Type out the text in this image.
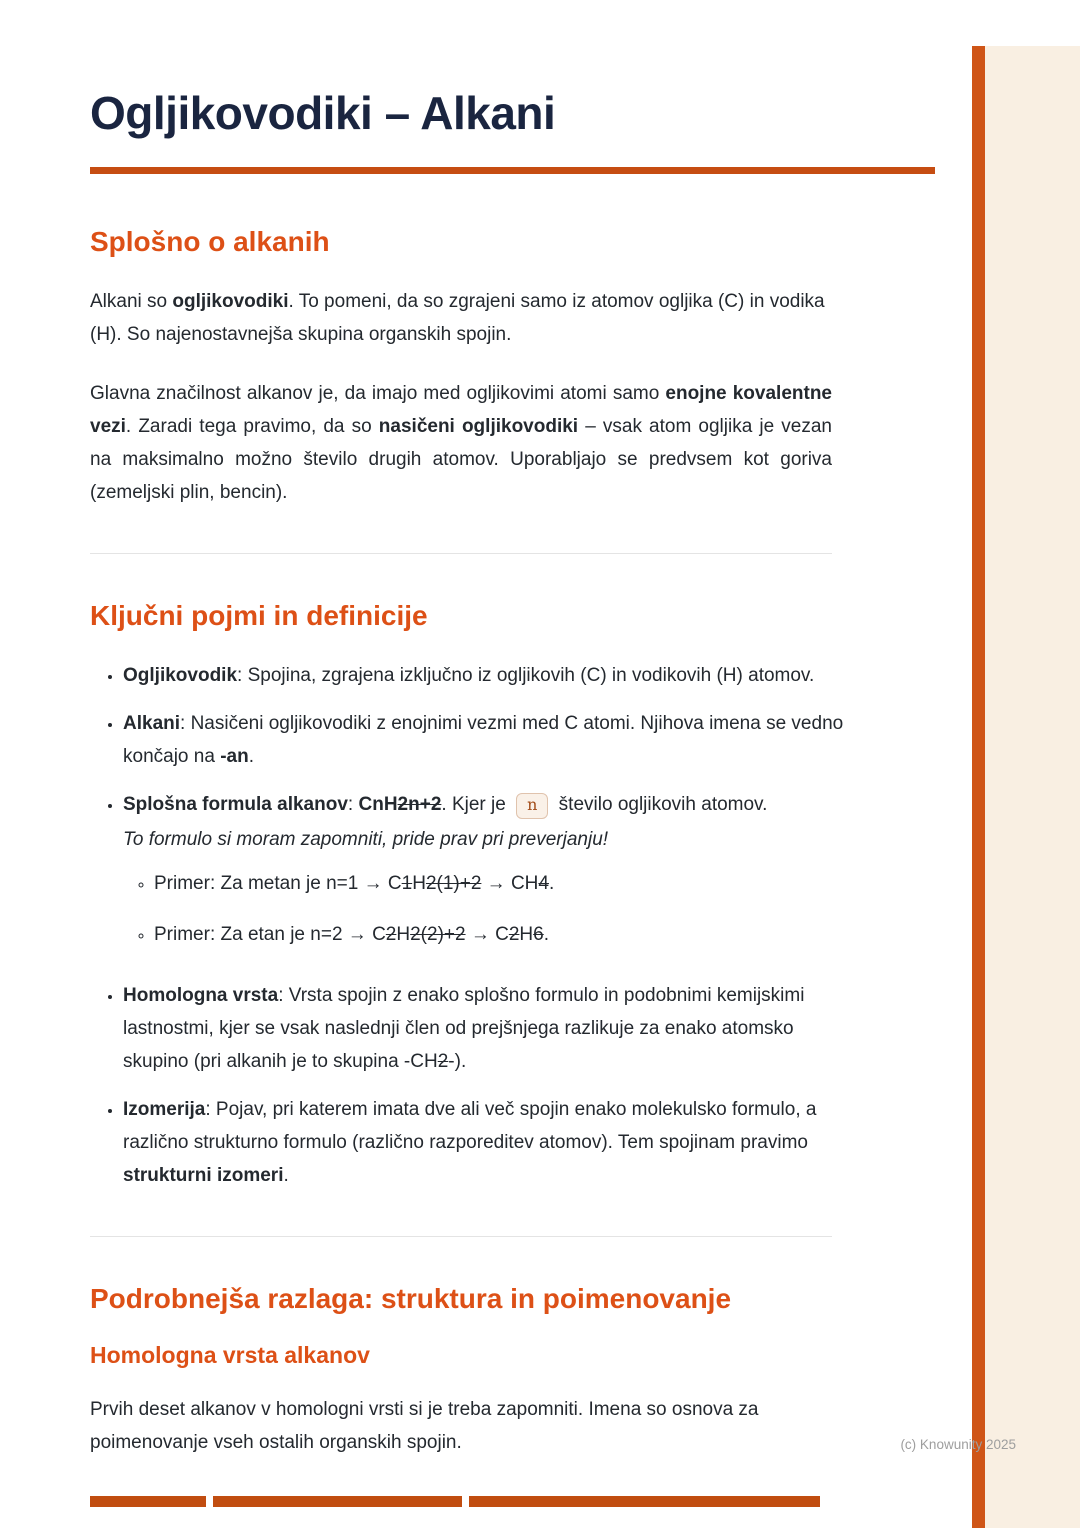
Ogljikovodiki – Alkani
Splošno o alkanih

Alkani so ogljikovodiki. To pomeni, da so zgrajeni samo iz atomov ogljika (C) in vodika (H). So najenostavnejša skupina organskih spojin.

Glavna značilnost alkanov je, da imajo med ogljikovimi atomi samo enojne kovalentne vezi. Zaradi tega pravimo, da so nasičeni ogljikovodiki – vsak atom ogljika je vezan na maksimalno možno število drugih atomov. Uporabljajo se predvsem kot goriva (zemeljski plin, bencin).

Ključni pojmi in definicije

• Ogljikovodik: Spojina, zgrajena izključno iz ogljikovih (C) in vodikovih (H) atomov.

• Alkani: Nasičeni ogljikovodiki z enojnimi vezmi med C atomi. Njihova imena se vedno končajo na -an.

• Splošna formula alkanov: CnH2n+2. Kjer je n število ogljikovih atomov.

To formulo si moram zapomniti, pride prav pri preverjanju!

◦ Primer: Za metan je n=1 → C1H2(1)+2 → CH4.

◦ Primer: Za etan je n=2 → C2H2(2)+2 → C2H6.

• Homologna vrsta: Vrsta spojin z enako splošno formulo in podobnimi kemijskimi lastnostmi, kjer se vsak naslednji člen od prejšnjega razlikuje za enako atomsko skupino (pri alkanih je to skupina -CH2-).

• Izomerija: Pojav, pri katerem imata dve ali več spojin enako molekulsko formulo, a različno strukturno formulo (različno razporeditev atomov). Tem spojinam pravimo strukturni izomeri.

Podrobnejša razlaga: struktura in poimenovanje
Homologna vrsta alkanov

Prvih deset alkanov v homologni vrsti si je treba zapomniti. Imena so osnova za poimenovanje vseh ostalih organskih spojin.	(c) Knowunity 2025
